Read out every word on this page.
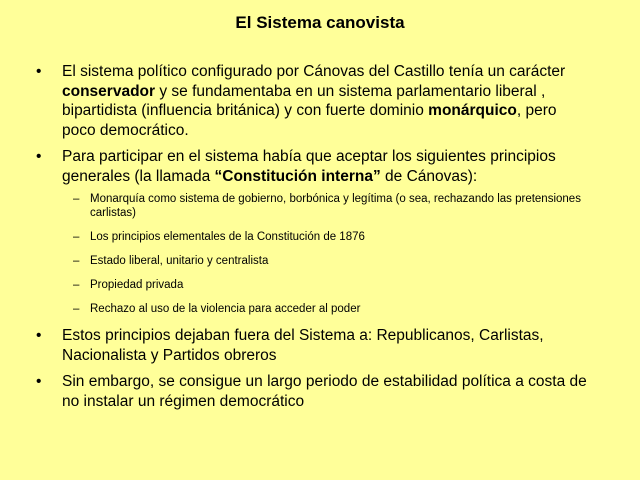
El Sistema canovista
• El sistema político configurado por Cánovas del Castillo tenía un carácter conservador y se fundamentaba en un sistema parlamentario liberal , bipartidista (influencia británica) y con fuerte dominio monárquico, pero poco democrático.
• Para participar en el sistema había que aceptar los siguientes principios generales (la llamada “Constitución interna” de Cánovas):
– Monarquía como sistema de gobierno, borbónica y legítima (o sea, rechazando las pretensiones carlistas)
– Los principios elementales de la Constitución de 1876
– Estado liberal, unitario y centralista
– Propiedad privada
– Rechazo al uso de la violencia para acceder al poder
• Estos principios dejaban fuera del Sistema a: Republicanos, Carlistas, Nacionalista y Partidos obreros
• Sin embargo, se consigue un largo periodo de estabilidad política a costa de no instalar un régimen democrático
